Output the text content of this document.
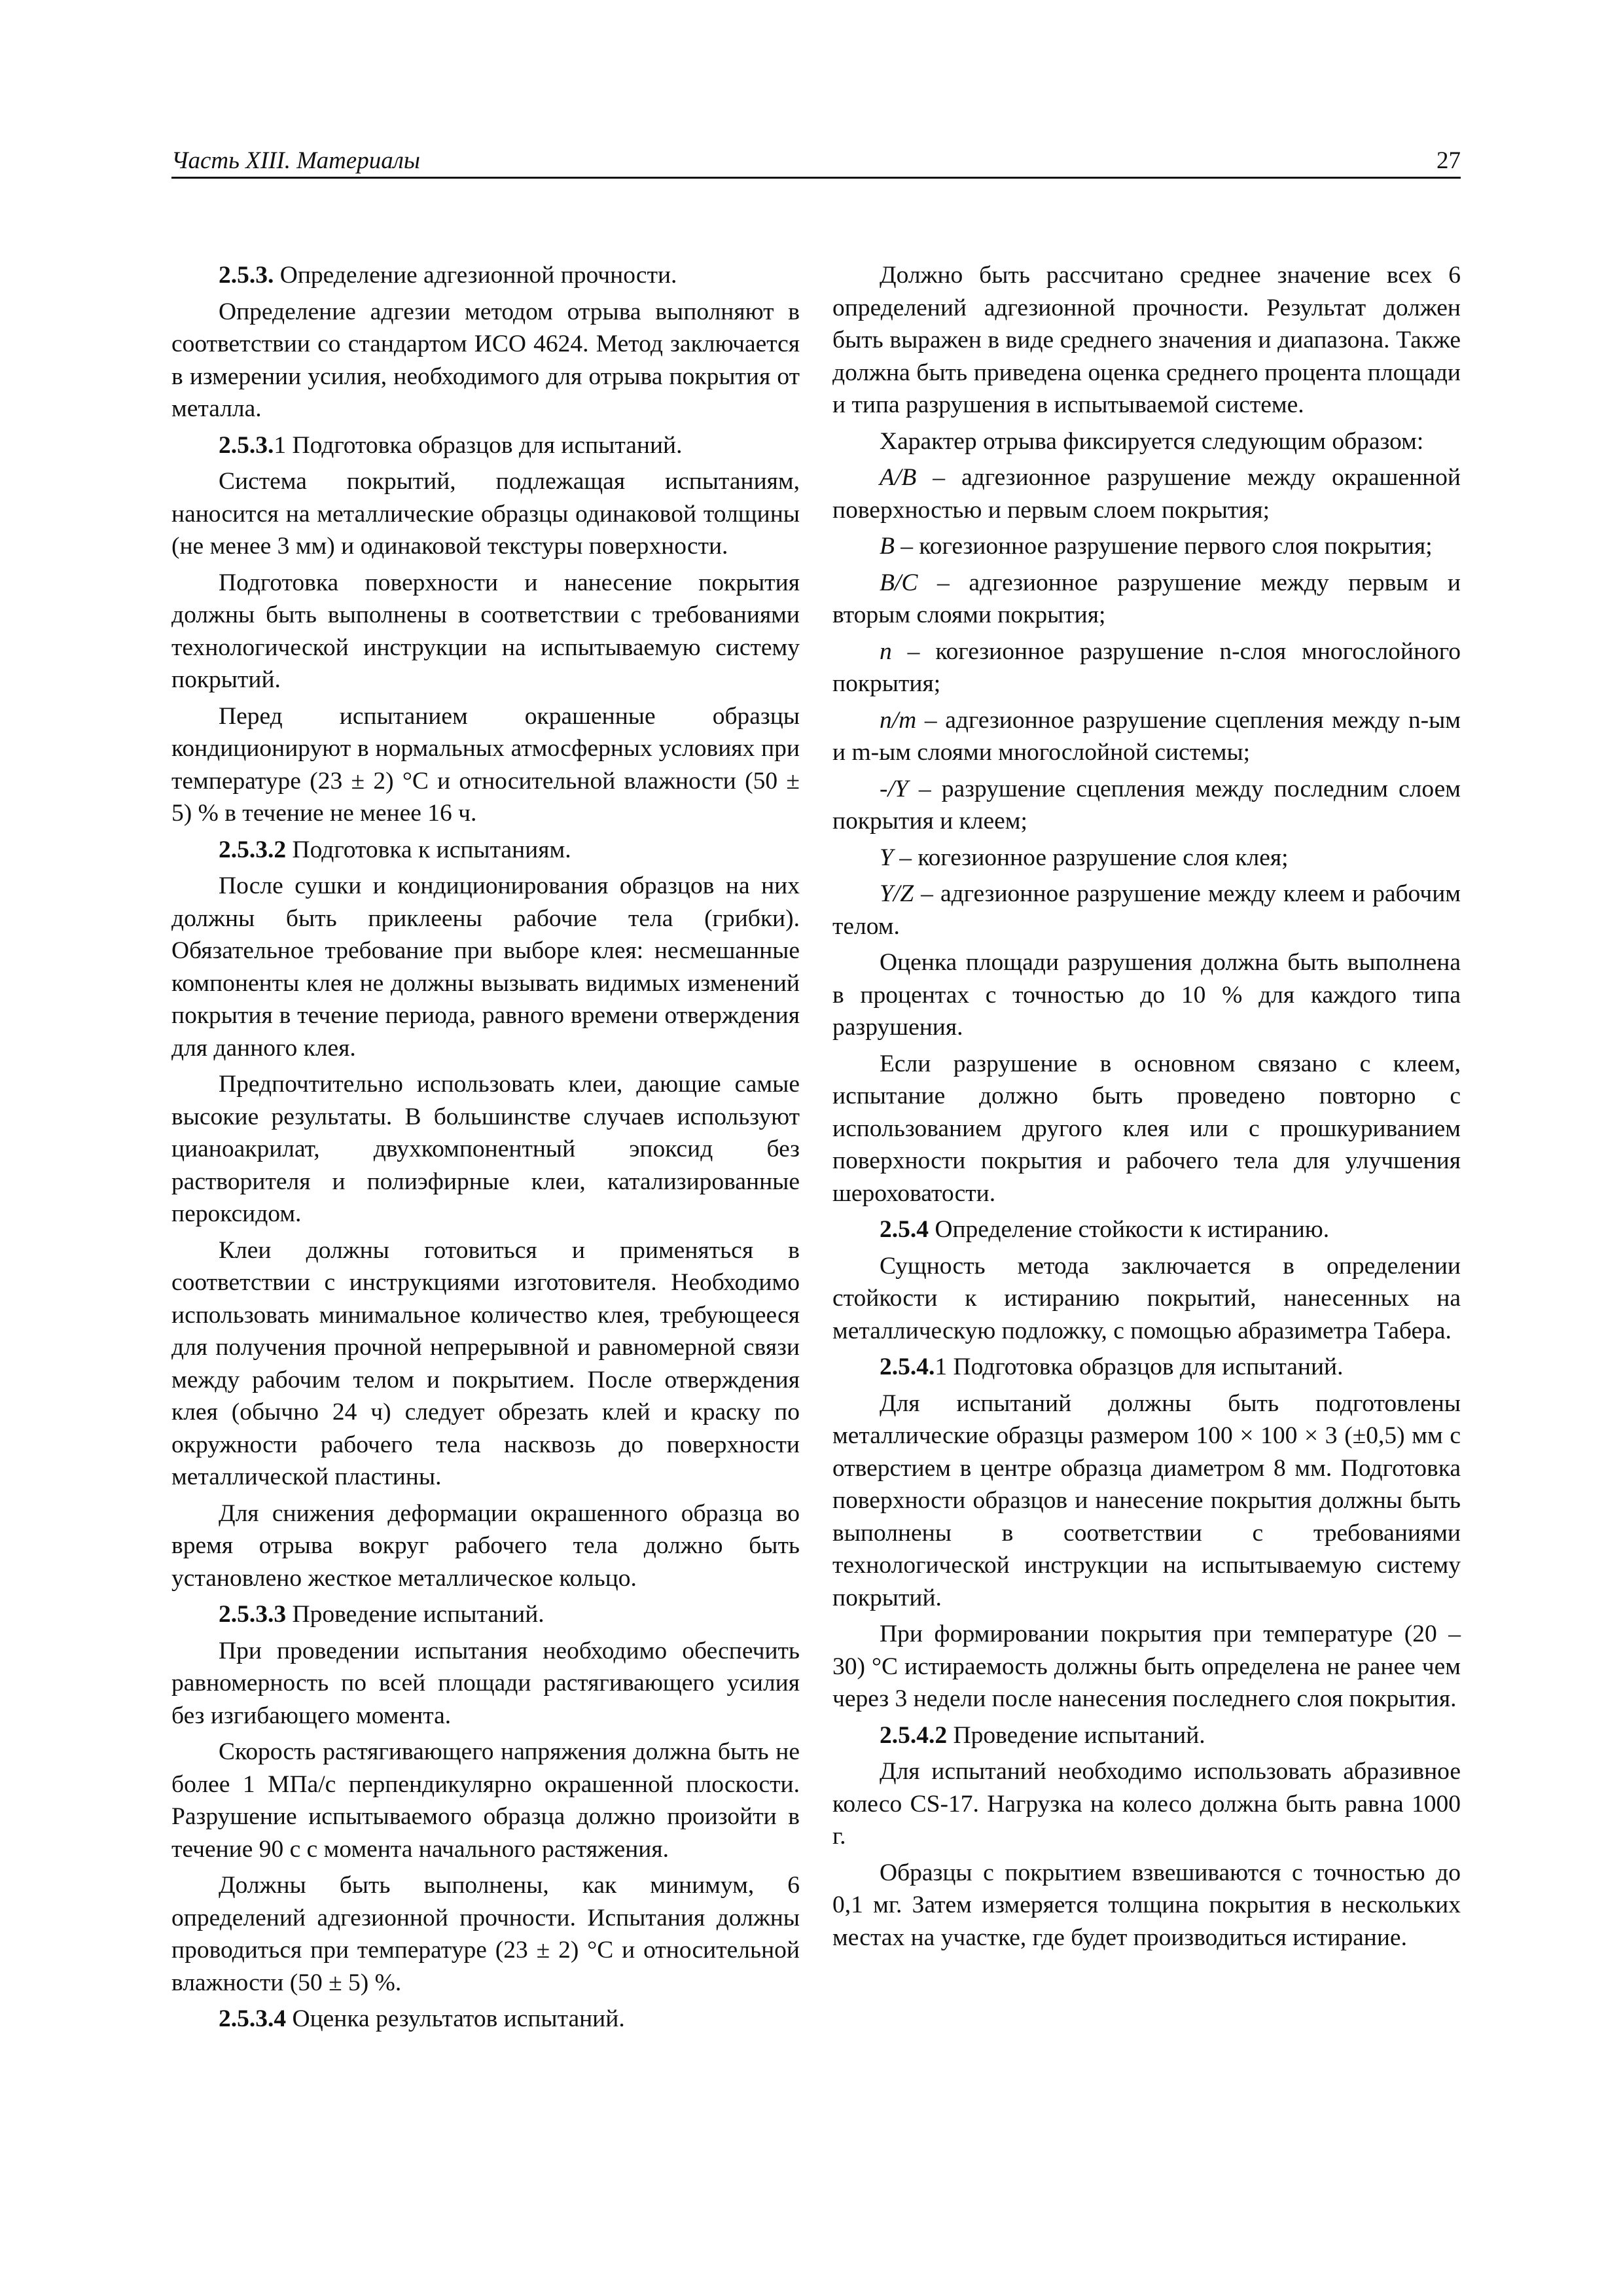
Часть XIII. Материалы	27

2.5.3. Определение адгезионной прочности.

Определение адгезии методом отрыва выполняют в соответствии со стандартом ИСО 4624. Метод заключается в измерении усилия, необходимого для отрыва покрытия от металла.

2.5.3.1 Подготовка образцов для испытаний.

Система покрытий, подлежащая испытаниям, наносится на металлические образцы одинаковой толщины (не менее 3 мм) и одинаковой текстуры поверхности.

Подготовка поверхности и нанесение покрытия должны быть выполнены в соответствии с требованиями технологической инструкции на испытываемую систему покрытий.

Перед испытанием окрашенные образцы кондиционируют в нормальных атмосферных условиях при температуре (23 ± 2) °C и относительной влажности (50 ± 5) % в течение не менее 16 ч.

2.5.3.2 Подготовка к испытаниям.

После сушки и кондиционирования образцов на них должны быть приклеены рабочие тела (грибки). Обязательное требование при выборе клея: несмешанные компоненты клея не должны вызывать видимых изменений покрытия в течение периода, равного времени отверждения для данного клея.

Предпочтительно использовать клеи, дающие самые высокие результаты. В большинстве случаев используют цианоакрилат, двухкомпонентный эпоксид без растворителя и полиэфирные клеи, катализированные пероксидом.

Клеи должны готовиться и применяться в соответствии с инструкциями изготовителя. Необходимо использовать минимальное количество клея, требующееся для получения прочной непрерывной и равномерной связи между рабочим телом и покрытием. После отверждения клея (обычно 24 ч) следует обрезать клей и краску по окружности рабочего тела насквозь до поверхности металлической пластины.

Для снижения деформации окрашенного образца во время отрыва вокруг рабочего тела должно быть установлено жесткое металлическое кольцо.

2.5.3.3 Проведение испытаний.

При проведении испытания необходимо обеспечить равномерность по всей площади растягивающего усилия без изгибающего момента.

Скорость растягивающего напряжения должна быть не более 1 МПа/с перпендикулярно окрашенной плоскости. Разрушение испытываемого образца должно произойти в течение 90 с с момента начального растяжения.

Должны быть выполнены, как минимум, 6 определений адгезионной прочности. Испытания должны проводиться при температуре (23 ± 2) °C и относительной влажности (50 ± 5) %.

2.5.3.4 Оценка результатов испытаний.

Должно быть рассчитано среднее значение всех 6 определений адгезионной прочности. Результат должен быть выражен в виде среднего значения и диапазона. Также должна быть приведена оценка среднего процента площади и типа разрушения в испытываемой системе.

Характер отрыва фиксируется следующим образом:

A/B – адгезионное разрушение между окрашенной поверхностью и первым слоем покрытия;

B – когезионное разрушение первого слоя покрытия;

B/C – адгезионное разрушение между первым и вторым слоями покрытия;

n – когезионное разрушение n-слоя многослойного покрытия;

n/m – адгезионное разрушение сцепления между n-ым и m-ым слоями многослойной системы;

-/Y – разрушение сцепления между последним слоем покрытия и клеем;

Y – когезионное разрушение слоя клея;

Y/Z – адгезионное разрушение между клеем и рабочим телом.

Оценка площади разрушения должна быть выполнена в процентах с точностью до 10 % для каждого типа разрушения.

Если разрушение в основном связано с клеем, испытание должно быть проведено повторно с использованием другого клея или с прошкуриванием поверхности покрытия и рабочего тела для улучшения шероховатости.

2.5.4 Определение стойкости к истиранию.

Сущность метода заключается в определении стойкости к истиранию покрытий, нанесенных на металлическую подложку, с помощью абразиметра Табера.

2.5.4.1 Подготовка образцов для испытаний.

Для испытаний должны быть подготовлены металлические образцы размером 100 × 100 × 3 (±0,5) мм с отверстием в центре образца диаметром 8 мм. Подготовка поверхности образцов и нанесение покрытия должны быть выполнены в соответствии с требованиями технологической инструкции на испытываемую систему покрытий.

При формировании покрытия при температуре (20 – 30) °C истираемость должны быть определена не ранее чем через 3 недели после нанесения последнего слоя покрытия.

2.5.4.2 Проведение испытаний.

Для испытаний необходимо использовать абразивное колесо CS-17. Нагрузка на колесо должна быть равна 1000 г.

Образцы с покрытием взвешиваются с точностью до 0,1 мг. Затем измеряется толщина покрытия в нескольких местах на участке, где будет производиться истирание.
